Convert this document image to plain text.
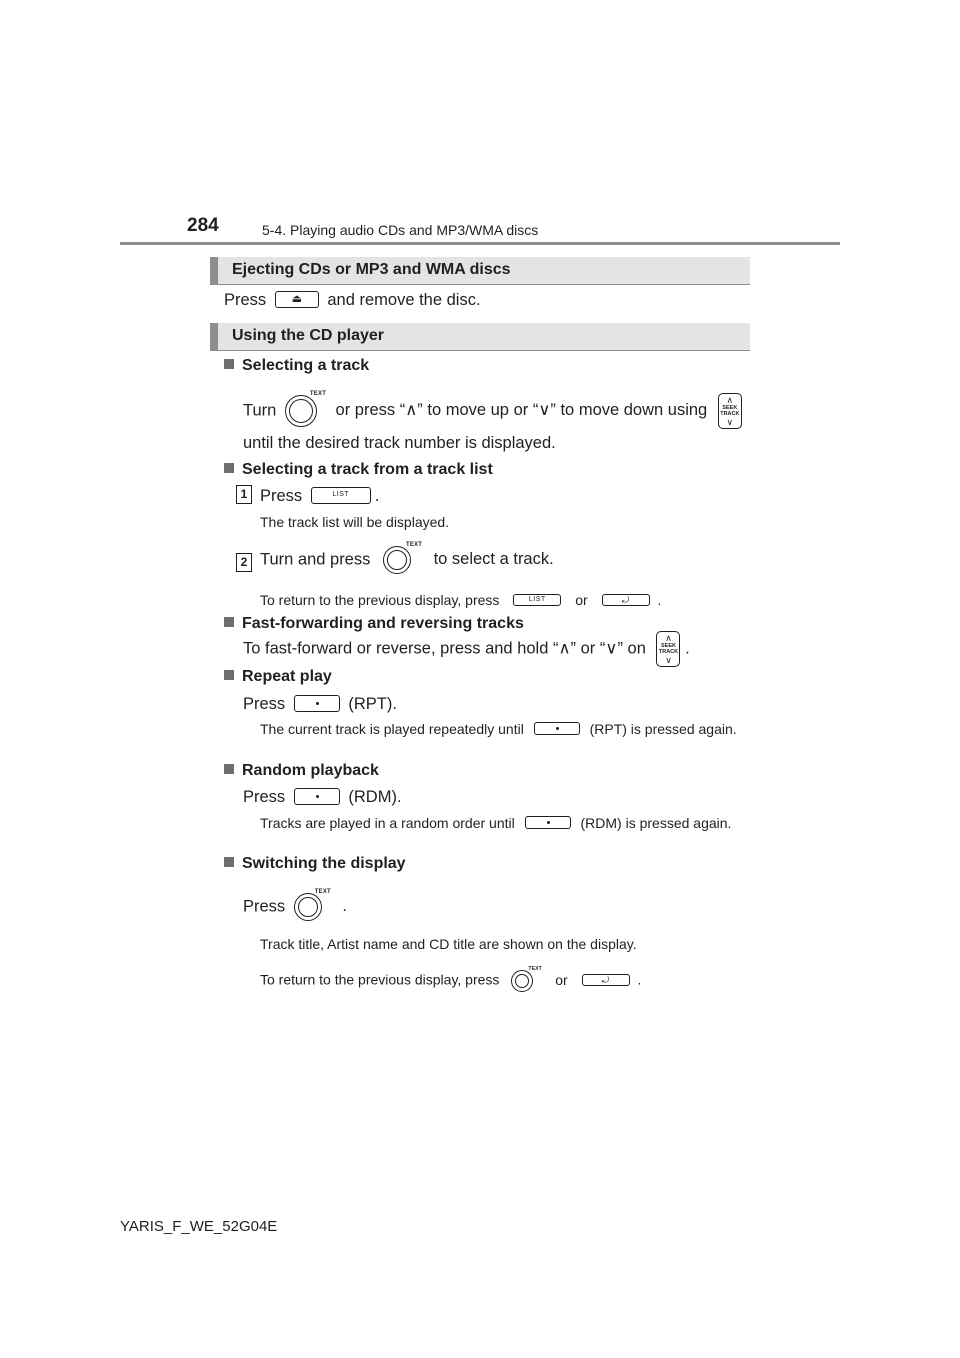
284	5-4. Playing audio CDs and MP3/WMA discs
Ejecting CDs or MP3 and WMA discs
Press	⏏	and remove the disc.
Using the CD player
Selecting a track
Turn
TEXT
or press “∧” to move up or “∨” to move down using
∧
SEEK
TRACK
∨
until the desired track number is displayed.
Selecting a track from a track list
1 Press	LIST	.
The track list will be displayed.
2 Turn and press
TEXT
to select a track.
To return to the previous display, press	LIST	or	⤾	.
Fast-forwarding and reversing tracks
To fast-forward or reverse, press and hold “∧” or “∨” on
∧
SEEK
TRACK
∨
.
Repeat play
Press	(RPT).
The current track is played repeatedly until	(RPT) is pressed again.
Random playback
Press	(RDM).
Tracks are played in a random order until	(RDM) is pressed again.
Switching the display
Press
TEXT
.
Track title, Artist name and CD title are shown on the display.
To return to the previous display, press
TEXT
or	⤾	.
YARIS_F_WE_52G04E
